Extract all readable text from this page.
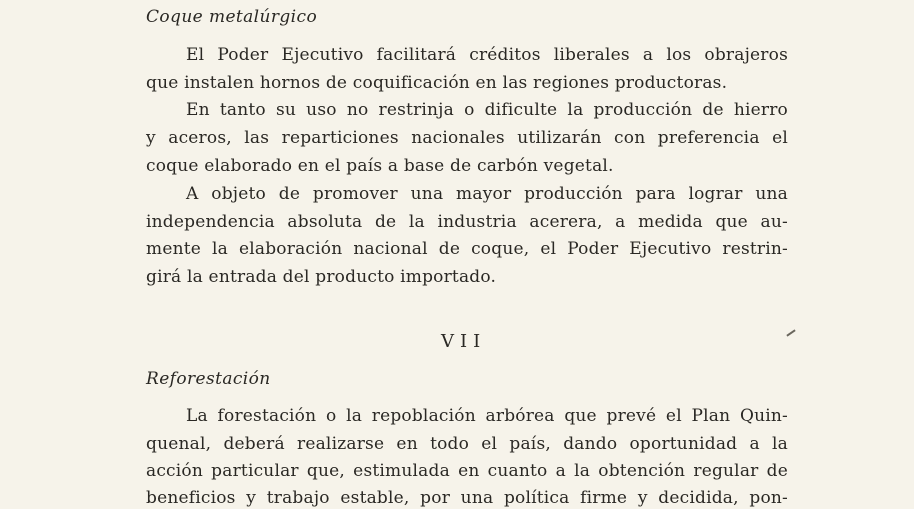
Coque metalúrgico
El Poder Ejecutivo facilitará créditos liberales a los obrajeros
que instalen hornos de coquificación en las regiones productoras.
En tanto su uso no restrinja o dificulte la producción de hierro
y aceros, las reparticiones nacionales utilizarán con preferencia el
coque elaborado en el país a base de carbón vegetal.
A objeto de promover una mayor producción para lograr una
independencia absoluta de la industria acerera, a medida que au-
mente la elaboración nacional de coque, el Poder Ejecutivo restrin-
girá la entrada del producto importado.
VII
Reforestación
La forestación o la repoblación arbórea que prevé el Plan Quin-
quenal, deberá realizarse en todo el país, dando oportunidad a la
acción particular que, estimulada en cuanto a la obtención regular de
beneficios y trabajo estable, por una política firme y decidida, pon-
